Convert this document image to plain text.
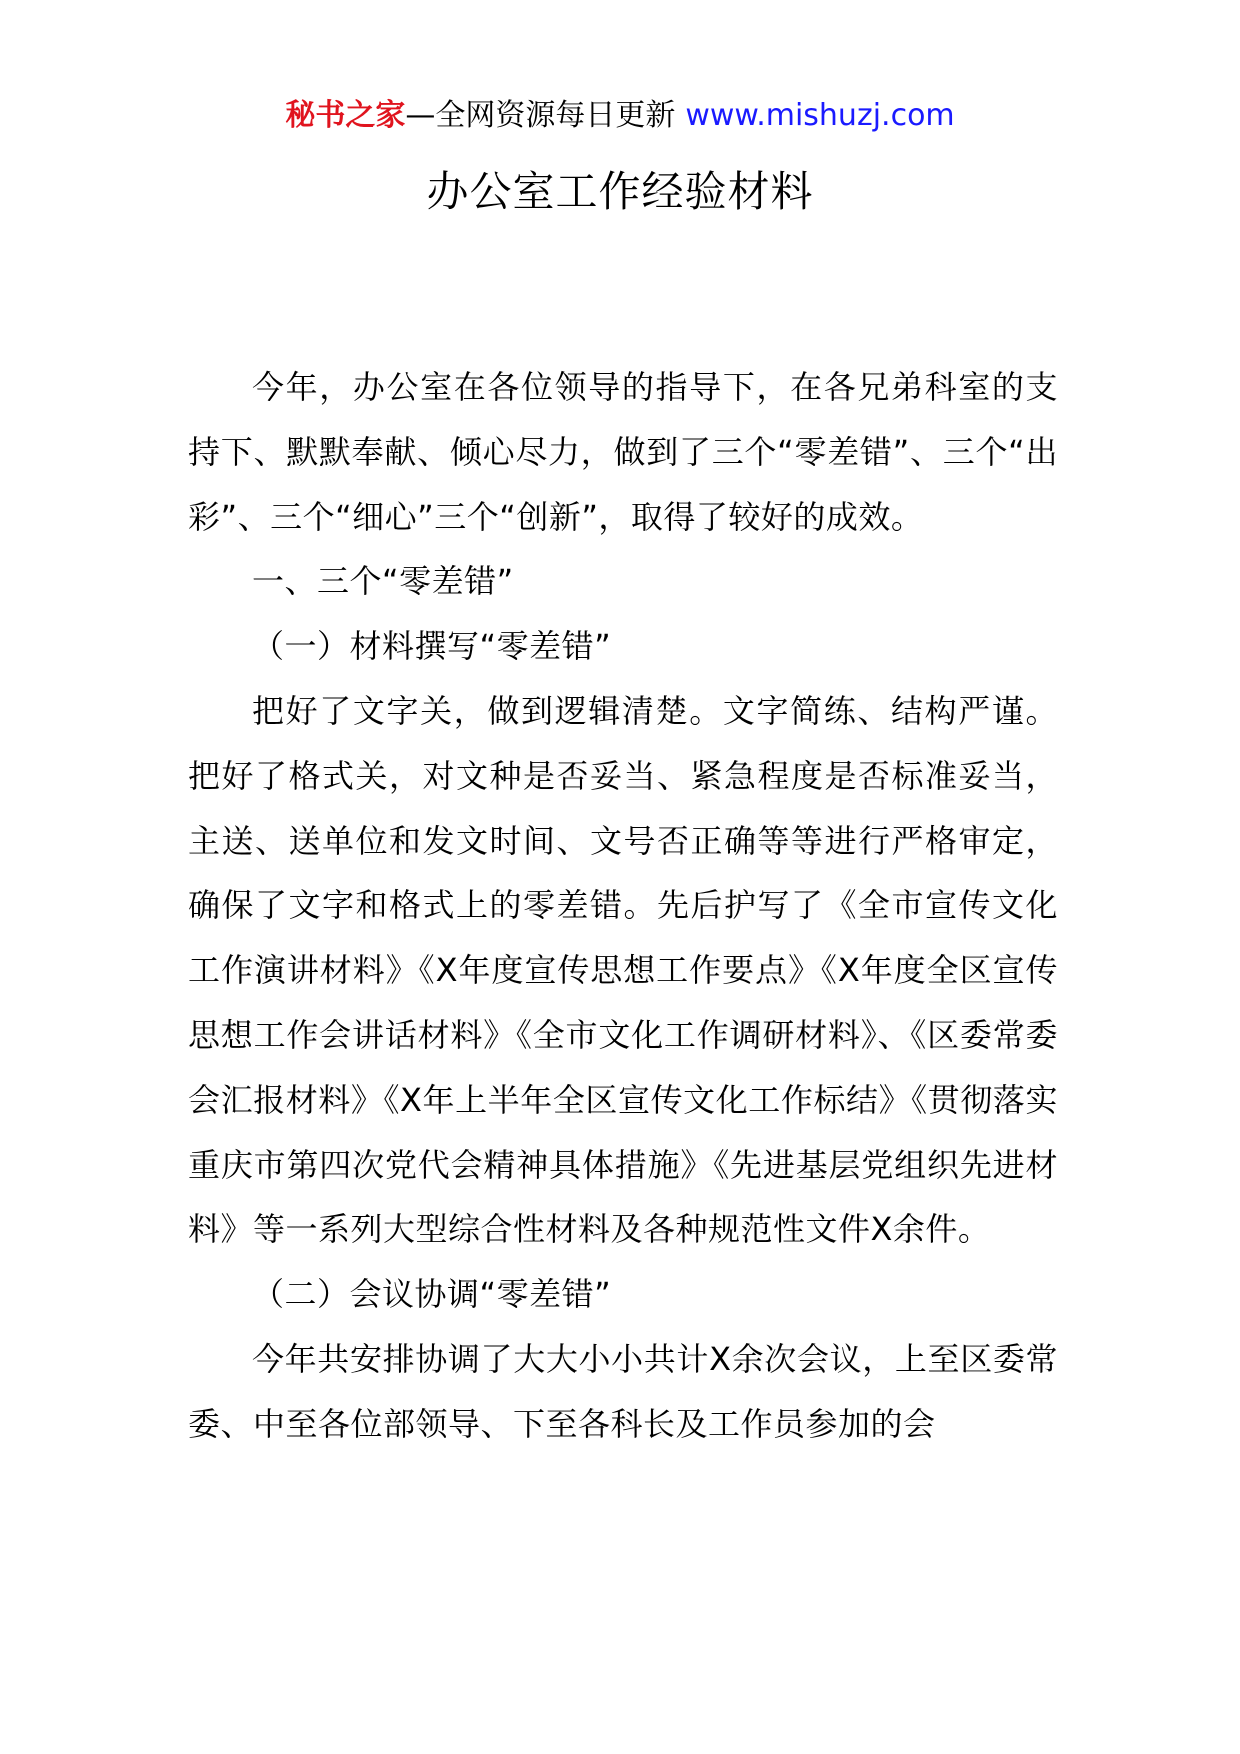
秘书之家—全网资源每日更新 www.mishuzj.com
办公室工作经验材料

今年，办公室在各位领导的指导下，在各兄弟科室的支持下、默默奉献、倾心尽力，做到了三个“零差错”、三个“出彩”、三个“细心”三个“创新”，取得了较好的成效。

一、三个“零差错”

（一）材料撰写“零差错”

把好了文字关，做到逻辑清楚。文字简练、结构严谨。把好了格式关，对文种是否妥当、紧急程度是否标准妥当，主送、送单位和发文时间、文号否正确等等进行严格审定，确保了文字和格式上的零差错。先后护写了《全市宣传文化工作演讲材料》《X年度宣传思想工作要点》《X年度全区宣传思想工作会讲话材料》《全市文化工作调研材料》、《区委常委会汇报材料》《X年上半年全区宣传文化工作标结》《贯彻落实重庆市第四次党代会精神具体措施》《先进基层党组织先进材料》等一系列大型综合性材料及各种规范性文件X余件。

（二）会议协调“零差错”

今年共安排协调了大大小小共计X余次会议，上至区委常委、中至各位部领导、下至各科长及工作员参加的会
